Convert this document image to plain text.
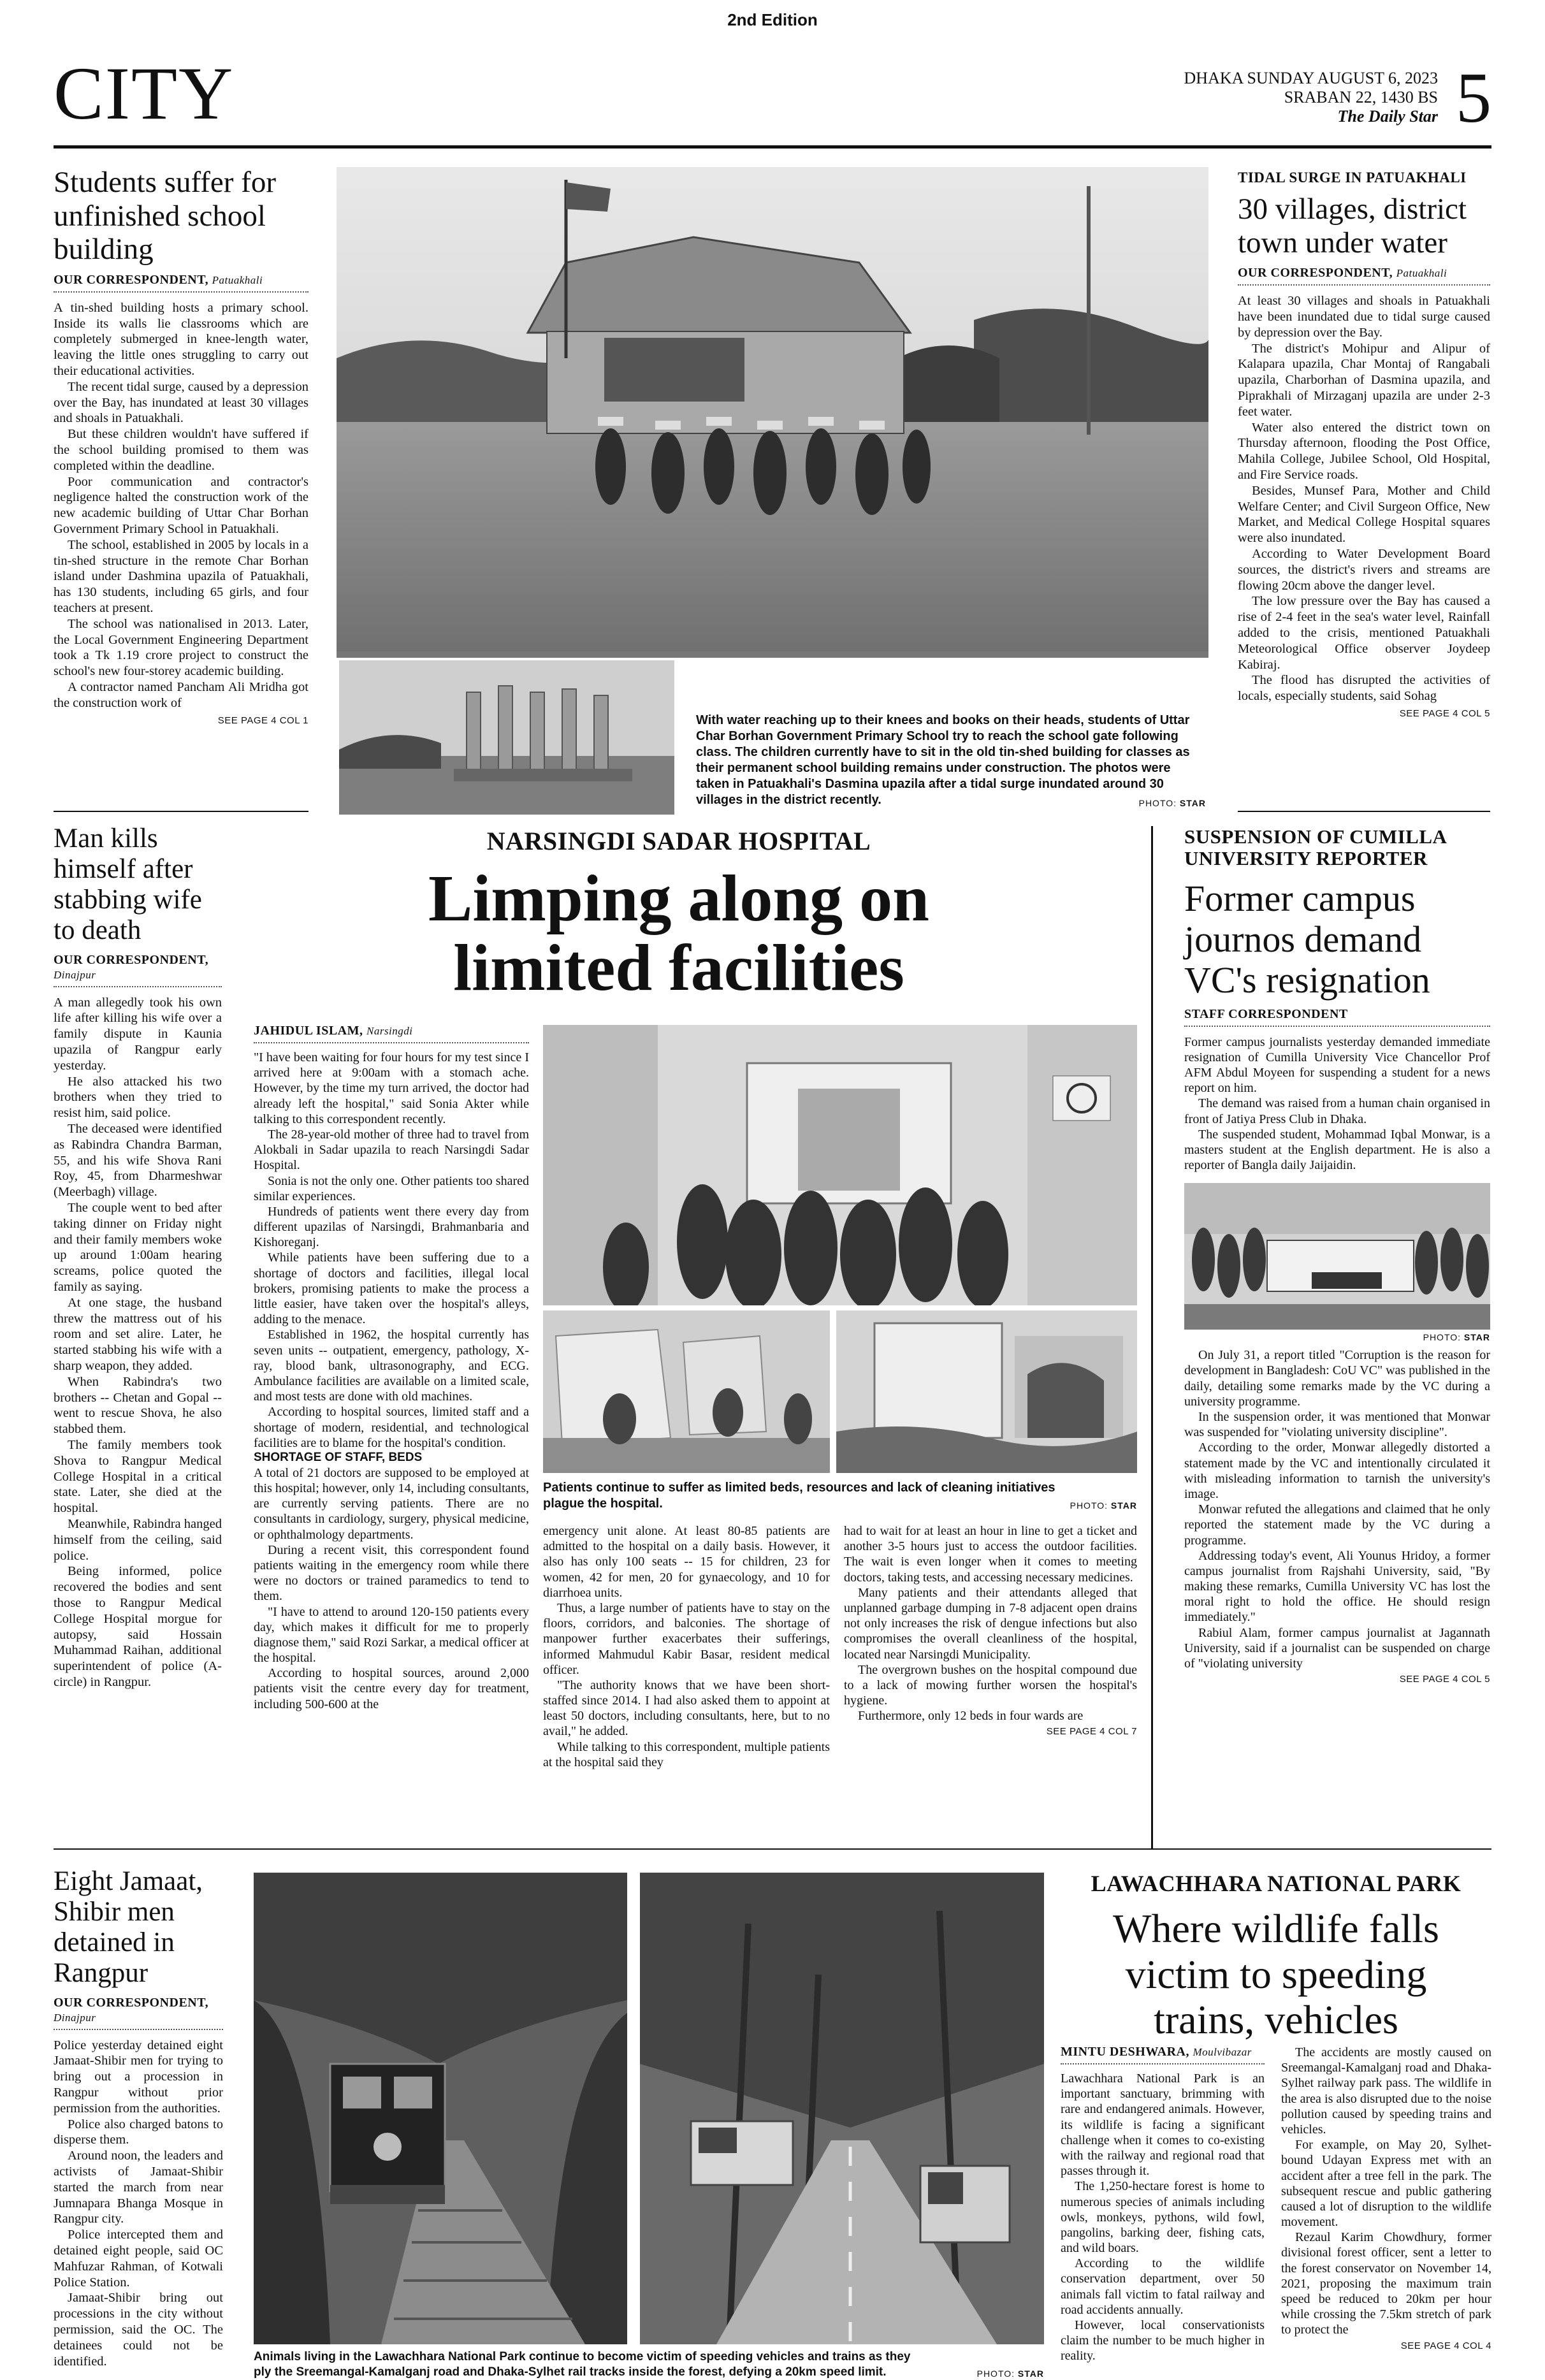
2nd Edition
CITY	DHAKA SUNDAY AUGUST 6, 2023
SRABAN 22, 1430 BS
The Daily Star 5
Students suffer for unfinished school building
OUR CORRESPONDENT, Patuakhali

A tin-shed building hosts a primary school. Inside its walls lie classrooms which are completely submerged in knee-length water, leaving the little ones struggling to carry out their educational activities.

The recent tidal surge, caused by a depression over the Bay, has inundated at least 30 villages and shoals in Patuakhali.

But these children wouldn't have suffered if the school building promised to them was completed within the deadline.

Poor communication and contractor's negligence halted the construction work of the new academic building of Uttar Char Borhan Government Primary School in Patuakhali.

The school, established in 2005 by locals in a tin-shed structure in the remote Char Borhan island under Dashmina upazila of Patuakhali, has 130 students, including 65 girls, and four teachers at present.

The school was nationalised in 2013. Later, the Local Government Engineering Department took a Tk 1.19 crore project to construct the school's new four-storey academic building.

A contractor named Pancham Ali Mridha got the construction work of

SEE PAGE 4 COL 1	With water reaching up to their knees and books on their heads, students of Uttar Char Borhan Government Primary School try to reach the school gate following class. The children currently have to sit in the old tin-shed building for classes as their permanent school building remains under construction. The photos were taken in Patuakhali's Dasmina upazila after a tidal surge inundated around 30 villages in the district recently.	PHOTO: STAR
TIDAL SURGE IN PATUAKHALI
30 villages, district town under water
OUR CORRESPONDENT, Patuakhali

At least 30 villages and shoals in Patuakhali have been inundated due to tidal surge caused by depression over the Bay.

The district's Mohipur and Alipur of Kalapara upazila, Char Montaj of Rangabali upazila, Charborhan of Dasmina upazila, and Piprakhali of Mirzaganj upazila are under 2-3 feet water.

Water also entered the district town on Thursday afternoon, flooding the Post Office, Mahila College, Jubilee School, Old Hospital, and Fire Service roads.

Besides, Munsef Para, Mother and Child Welfare Center; and Civil Surgeon Office, New Market, and Medical College Hospital squares were also inundated.

According to Water Development Board sources, the district's rivers and streams are flowing 20cm above the danger level.

The low pressure over the Bay has caused a rise of 2-4 feet in the sea's water level, Rainfall added to the crisis, mentioned Patuakhali Meteorological Office observer Joydeep Kabiraj.

The flood has disrupted the activities of locals, especially students, said Sohag

SEE PAGE 4 COL 5
Man kills himself after stabbing wife to death
OUR CORRESPONDENT,
Dinajpur

A man allegedly took his own life after killing his wife over a family dispute in Kaunia upazila of Rangpur early yesterday.

He also attacked his two brothers when they tried to resist him, said police.

The deceased were identified as Rabindra Chandra Barman, 55, and his wife Shova Rani Roy, 45, from Dharmeshwar (Meerbagh) village.

The couple went to bed after taking dinner on Friday night and their family members woke up around 1:00am hearing screams, police quoted the family as saying.

At one stage, the husband threw the mattress out of his room and set alire. Later, he started stabbing his wife with a sharp weapon, they added.

When Rabindra's two brothers -- Chetan and Gopal -- went to rescue Shova, he also stabbed them.

The family members took Shova to Rangpur Medical College Hospital in a critical state. Later, she died at the hospital.

Meanwhile, Rabindra hanged himself from the ceiling, said police.

Being informed, police recovered the bodies and sent those to Rangpur Medical College Hospital morgue for autopsy, said Hossain Muhammad Raihan, additional superintendent of police (A-circle) in Rangpur.

NARSINGDI SADAR HOSPITAL
Limping along on
limited facilities
JAHIDUL ISLAM, Narsingdi

"I have been waiting for four hours for my test since I arrived here at 9:00am with a stomach ache. However, by the time my turn arrived, the doctor had already left the hospital," said Sonia Akter while talking to this correspondent recently.

The 28-year-old mother of three had to travel from Alokbali in Sadar upazila to reach Narsingdi Sadar Hospital.

Sonia is not the only one. Other patients too shared similar experiences.

Hundreds of patients went there every day from different upazilas of Narsingdi, Brahmanbaria and Kishoreganj.

While patients have been suffering due to a shortage of doctors and facilities, illegal local brokers, promising patients to make the process a little easier, have taken over the hospital's alleys, adding to the menace.

Established in 1962, the hospital currently has seven units -- outpatient, emergency, pathology, X-ray, blood bank, ultrasonography, and ECG. Ambulance facilities are available on a limited scale, and most tests are done with old machines.

According to hospital sources, limited staff and a shortage of modern, residential, and technological facilities are to blame for the hospital's condition.

SHORTAGE OF STAFF, BEDS

A total of 21 doctors are supposed to be employed at this hospital; however, only 14, including consultants, are currently serving patients. There are no consultants in cardiology, surgery, physical medicine, or ophthalmology departments.

During a recent visit, this correspondent found patients waiting in the emergency room while there were no doctors or trained paramedics to tend to them.

"I have to attend to around 120-150 patients every day, which makes it difficult for me to properly diagnose them," said Rozi Sarkar, a medical officer at the hospital.

According to hospital sources, around 2,000 patients visit the centre every day for treatment, including 500-600 at the

Patients continue to suffer as limited beds, resources and lack of cleaning initiatives plague the hospital.	PHOTO: STAR

emergency unit alone. At least 80-85 patients are admitted to the hospital on a daily basis. However, it also has only 100 seats -- 15 for children, 23 for women, 42 for men, 20 for gynaecology, and 10 for diarrhoea units.

Thus, a large number of patients have to stay on the floors, corridors, and balconies. The shortage of manpower further exacerbates their sufferings, informed Mahmudul Kabir Basar, resident medical officer.

"The authority knows that we have been short-staffed since 2014. I had also asked them to appoint at least 50 doctors, including consultants, here, but to no avail," he added.

While talking to this correspondent, multiple patients at the hospital said they

had to wait for at least an hour in line to get a ticket and another 3-5 hours just to access the outdoor facilities. The wait is even longer when it comes to meeting doctors, taking tests, and accessing necessary medicines.

Many patients and their attendants alleged that unplanned garbage dumping in 7-8 adjacent open drains not only increases the risk of dengue infections but also compromises the overall cleanliness of the hospital, located near Narsingdi Municipality.

The overgrown bushes on the hospital compound due to a lack of mowing further worsen the hospital's hygiene.

Furthermore, only 12 beds in four wards are

SEE PAGE 4 COL 7
SUSPENSION OF CUMILLA
UNIVERSITY REPORTER
Former campus journos demand VC's resignation
STAFF CORRESPONDENT

Former campus journalists yesterday demanded immediate resignation of Cumilla University Vice Chancellor Prof AFM Abdul Moyeen for suspending a student for a news report on him.

The demand was raised from a human chain organised in front of Jatiya Press Club in Dhaka.

The suspended student, Mohammad Iqbal Monwar, is a masters student at the English department. He is also a reporter of Bangla daily Jaijaidin.

PHOTO: STAR

On July 31, a report titled "Corruption is the reason for development in Bangladesh: CoU VC" was published in the daily, detailing some remarks made by the VC during a university programme.

In the suspension order, it was mentioned that Monwar was suspended for "violating university discipline".

According to the order, Monwar allegedly distorted a statement made by the VC and intentionally circulated it with misleading information to tarnish the university's image.

Monwar refuted the allegations and claimed that he only reported the statement made by the VC during a programme.

Addressing today's event, Ali Younus Hridoy, a former campus journalist from Rajshahi University, said, "By making these remarks, Cumilla University VC has lost the moral right to hold the office. He should resign immediately."

Rabiul Alam, former campus journalist at Jagannath University, said if a journalist can be suspended on charge of "violating university

SEE PAGE 4 COL 5
Eight Jamaat, Shibir men detained in Rangpur
OUR CORRESPONDENT,
Dinajpur

Police yesterday detained eight Jamaat-Shibir men for trying to bring out a procession in Rangpur without prior permission from the authorities.

Police also charged batons to disperse them.

Around noon, the leaders and activists of Jamaat-Shibir started the march from near Jumnapara Bhanga Mosque in Rangpur city.

Police intercepted them and detained eight people, said OC Mahfuzar Rahman, of Kotwali Police Station.

Jamaat-Shibir bring out processions in the city without permission, said the OC. The detainees could not be identified.	Animals living in the Lawachhara National Park continue to become victim of speeding vehicles and trains as they ply the Sreemangal-Kamalganj road and Dhaka-Sylhet rail tracks inside the forest, defying a 20km speed limit.	PHOTO: STAR
LAWACHHARA NATIONAL PARK
Where wildlife falls
victim to speeding
trains, vehicles
MINTU DESHWARA, Moulvibazar

Lawachhara National Park is an important sanctuary, brimming with rare and endangered animals. However, its wildlife is facing a significant challenge when it comes to co-existing with the railway and regional road that passes through it.

The 1,250-hectare forest is home to numerous species of animals including owls, monkeys, pythons, wild fowl, pangolins, barking deer, fishing cats, and wild boars.

According to the wildlife conservation department, over 50 animals fall victim to fatal railway and road accidents annually.

However, local conservationists claim the number to be much higher in reality.

The accidents are mostly caused on Sreemangal-Kamalganj road and Dhaka-Sylhet railway park pass. The wildlife in the area is also disrupted due to the noise pollution caused by speeding trains and vehicles.

For example, on May 20, Sylhet-bound Udayan Express met with an accident after a tree fell in the park. The subsequent rescue and public gathering caused a lot of disruption to the wildlife movement.

Rezaul Karim Chowdhury, former divisional forest officer, sent a letter to the forest conservator on November 14, 2021, proposing the maximum train speed be reduced to 20km per hour while crossing the 7.5km stretch of park to protect the

SEE PAGE 4 COL 4
